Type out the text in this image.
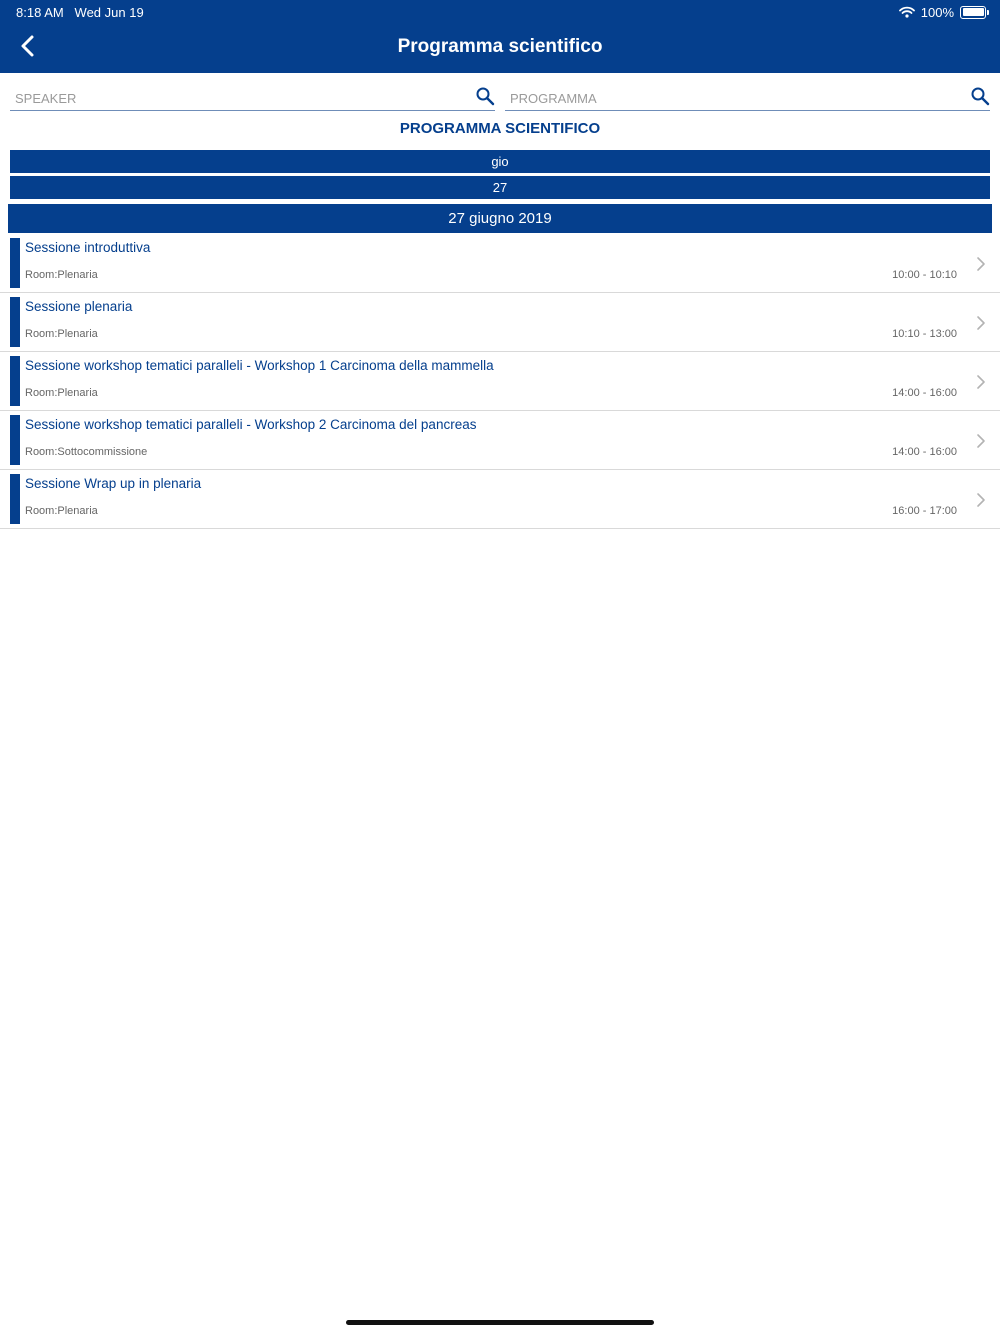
8:18 AM Wed Jun 19	100%
Programma scientifico
SPEAKER
PROGRAMMA
PROGRAMMA SCIENTIFICO
gio
27
27 giugno 2019
Sessione introduttiva
Room:Plenaria	10:00 - 10:10
Sessione plenaria
Room:Plenaria	10:10 - 13:00
Sessione workshop tematici paralleli - Workshop 1 Carcinoma della mammella
Room:Plenaria	14:00 - 16:00
Sessione workshop tematici paralleli - Workshop 2 Carcinoma del pancreas
Room:Sottocommissione	14:00 - 16:00
Sessione Wrap up in plenaria
Room:Plenaria	16:00 - 17:00
